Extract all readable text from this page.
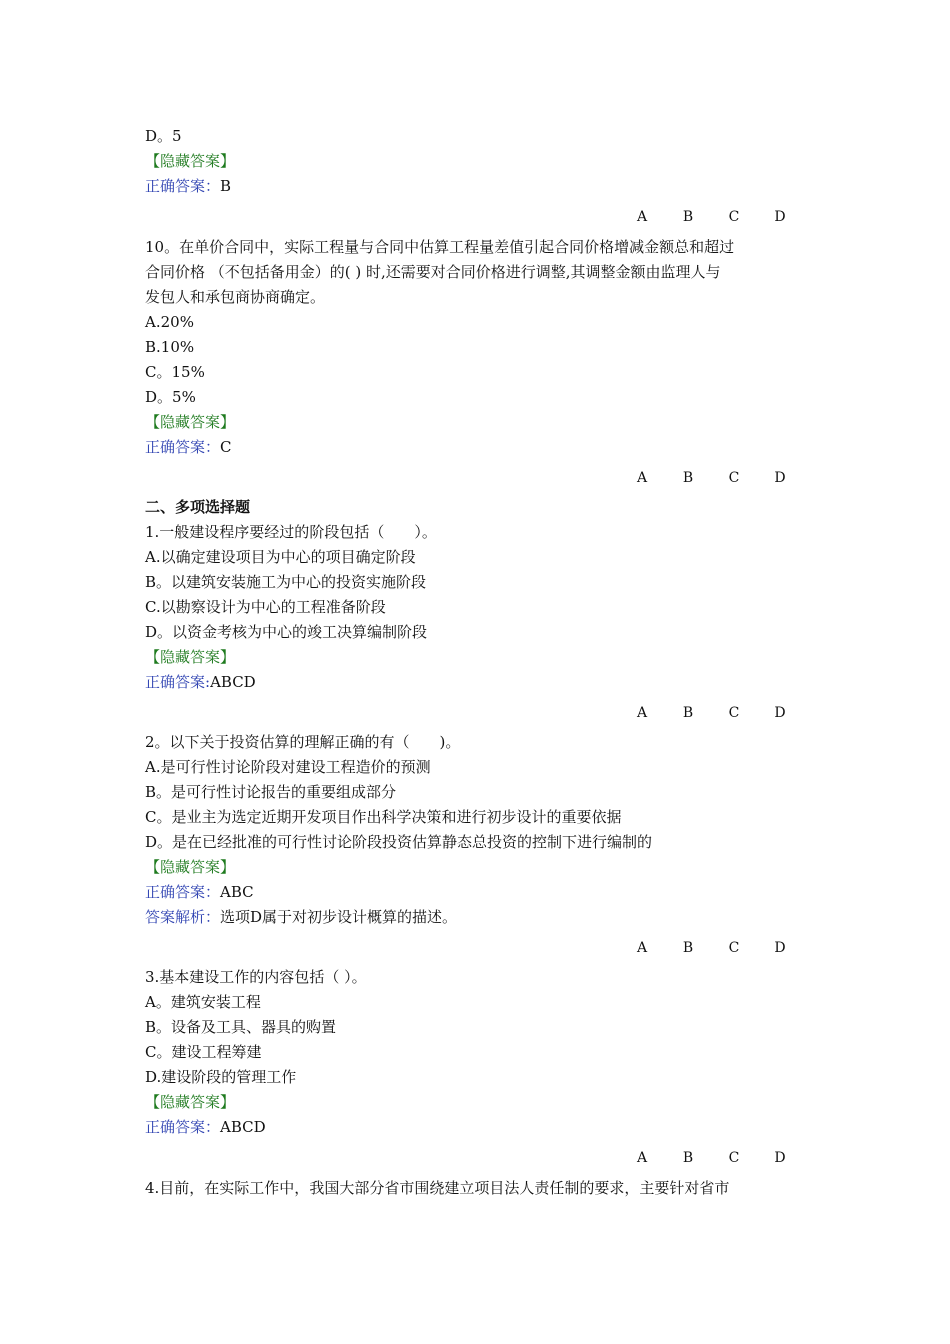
D。5
【隐藏答案】
正确答案：B
A	B	C	D
10。在单价合同中，实际工程量与合同中估算工程量差值引起合同价格增减金额总和超过
合同价格 （不包括备用金）的( ) 时,还需要对合同价格进行调整,其调整金额由监理人与
发包人和承包商协商确定。
A.20%
B.10%
C。15%
D。5%
【隐藏答案】
正确答案：C
A	B	C	D
二、多项选择题
1.一般建设程序要经过的阶段包括（　　）。
A.以确定建设项目为中心的项目确定阶段
B。以建筑安装施工为中心的投资实施阶段
C.以勘察设计为中心的工程准备阶段
D。以资金考核为中心的竣工决算编制阶段
【隐藏答案】
正确答案:ABCD
A	B	C	D
2。以下关于投资估算的理解正确的有（　　)。
A.是可行性讨论阶段对建设工程造价的预测
B。是可行性讨论报告的重要组成部分
C。是业主为选定近期开发项目作出科学决策和进行初步设计的重要依据
D。是在已经批准的可行性讨论阶段投资估算静态总投资的控制下进行编制的
【隐藏答案】
正确答案：ABC
答案解析：选项D属于对初步设计概算的描述。
A	B	C	D
3.基本建设工作的内容包括（ ）。
A。建筑安装工程
B。设备及工具、器具的购置
C。建设工程筹建
D.建设阶段的管理工作
【隐藏答案】
正确答案：ABCD
A	B	C	D
4.目前，在实际工作中，我国大部分省市围绕建立项目法人责任制的要求，主要针对省市
